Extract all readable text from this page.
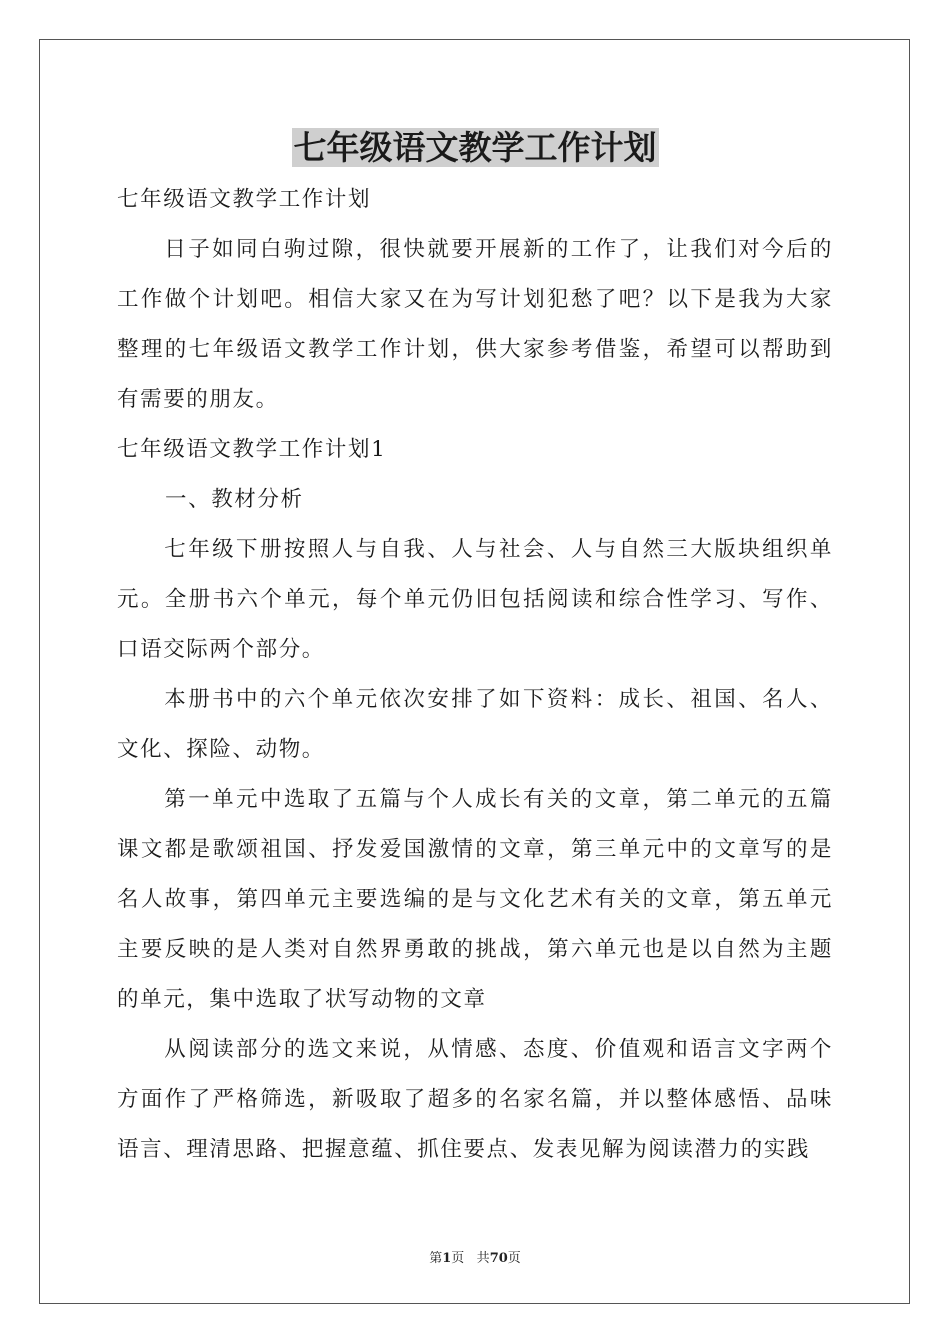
七年级语文教学工作计划

七年级语文教学工作计划

日子如同白驹过隙，很快就要开展新的工作了，让我们对今后的工作做个计划吧。相信大家又在为写计划犯愁了吧？以下是我为大家整理的七年级语文教学工作计划，供大家参考借鉴，希望可以帮助到有需要的朋友。

七年级语文教学工作计划1

一、教材分析

七年级下册按照人与自我、人与社会、人与自然三大版块组织单元。全册书六个单元，每个单元仍旧包括阅读和综合性学习、写作、口语交际两个部分。

本册书中的六个单元依次安排了如下资料：成长、祖国、名人、文化、探险、动物。

第一单元中选取了五篇与个人成长有关的文章，第二单元的五篇课文都是歌颂祖国、抒发爱国激情的文章，第三单元中的文章写的是名人故事，第四单元主要选编的是与文化艺术有关的文章，第五单元主要反映的是人类对自然界勇敢的挑战，第六单元也是以自然为主题的单元，集中选取了状写动物的文章

从阅读部分的选文来说，从情感、态度、价值观和语言文字两个方面作了严格筛选，新吸取了超多的名家名篇，并以整体感悟、品味语言、理清思路、把握意蕴、抓住要点、发表见解为阅读潜力的实践

第1页 共70页
